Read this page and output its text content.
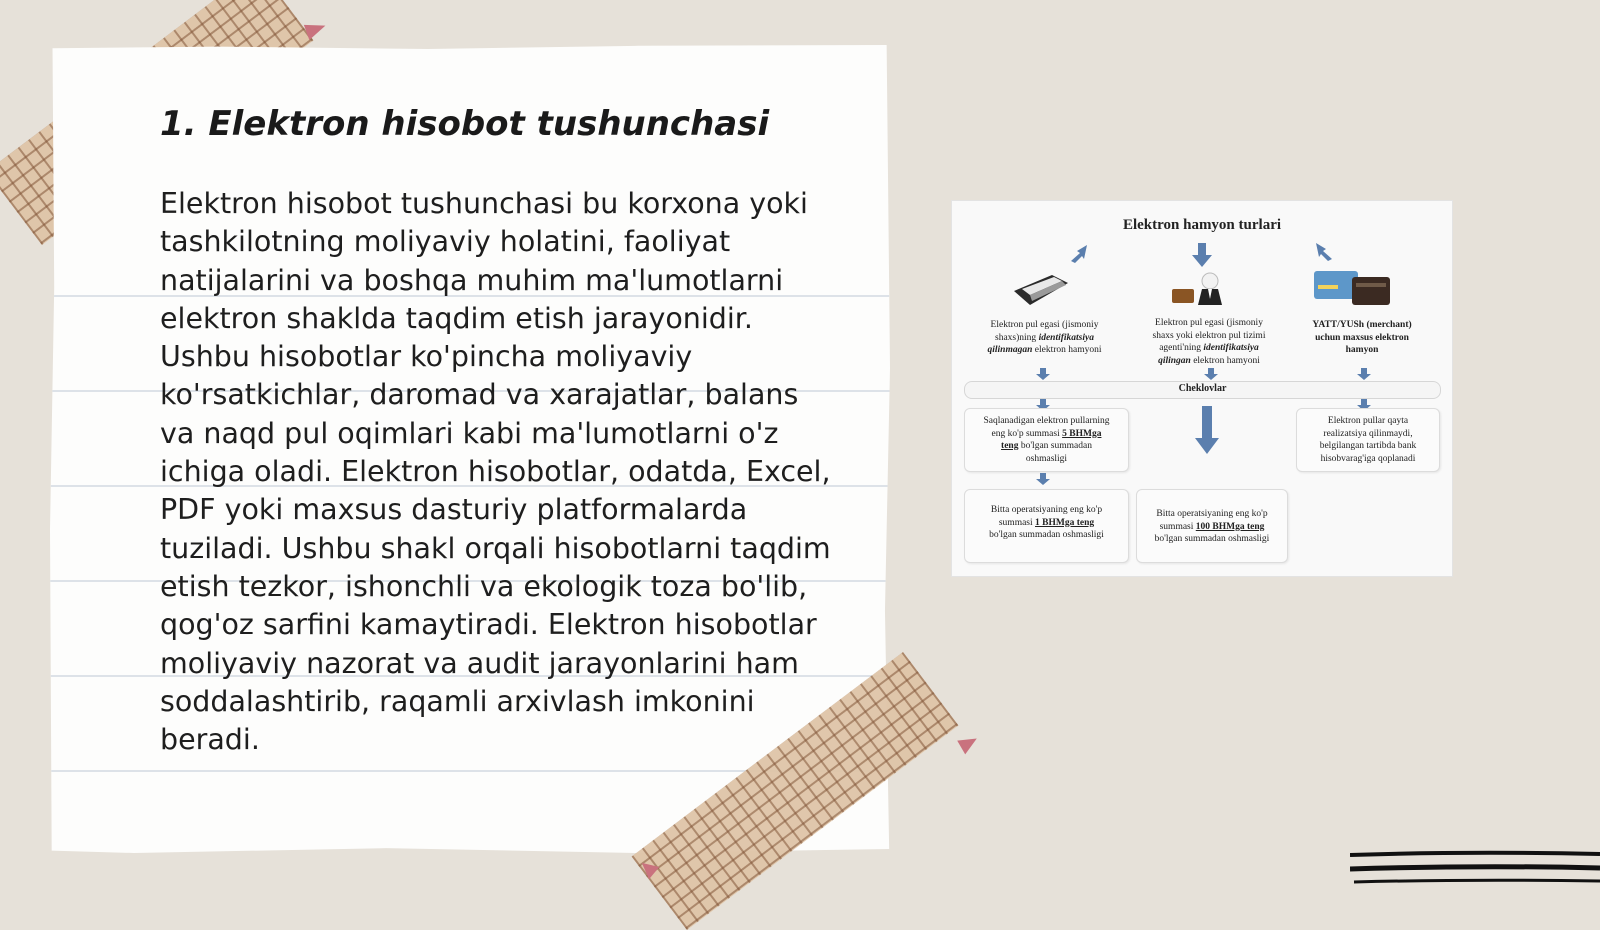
1. Elektron hisobot tushunchasi

Elektron hisobot tushunchasi bu korxona yoki tashkilotning moliyaviy holatini, faoliyat natijalarini va boshqa muhim ma'lumotlarni elektron shaklda taqdim etish jarayonidir. Ushbu hisobotlar ko'pincha moliyaviy ko'rsatkichlar, daromad va xarajatlar, balans va naqd pul oqimlari kabi ma'lumotlarni o'z ichiga oladi. Elektron hisobotlar, odatda, Excel, PDF yoki maxsus dasturiy platformalarda tuziladi. Ushbu shakl orqali hisobotlarni taqdim etish tezkor, ishonchli va ekologik toza bo'lib, qog'oz sarfini kamaytiradi. Elektron hisobotlar moliyaviy nazorat va audit jarayonlarini ham soddalashtirib, raqamli arxivlash imkonini beradi.

Elektron hamyon turlari
Elektron pul egasi (jismoniy
shaxs)ning identifikatsiya
qilinmagan elektron hamyoni
Elektron pul egasi (jismoniy
shaxs yoki elektron pul tizimi
agenti'ning identifikatsiya
qilingan elektron hamyoni
YATT/YUSh (merchant)
uchun maxsus elektron
hamyon
Cheklovlar
Saqlanadigan elektron pullarning
eng ko'p summasi 5 BHMga
teng bo'lgan summadan
oshmasligi
Elektron pullar qayta
realizatsiya qilinmaydi,
belgilangan tartibda bank
hisobvarag'iga qoplanadi
Bitta operatsiyaning eng ko'p
summasi 1 BHMga teng
bo'lgan summadan oshmasligi
Bitta operatsiyaning eng ko'p
summasi 100 BHMga teng
bo'lgan summadan oshmasligi
